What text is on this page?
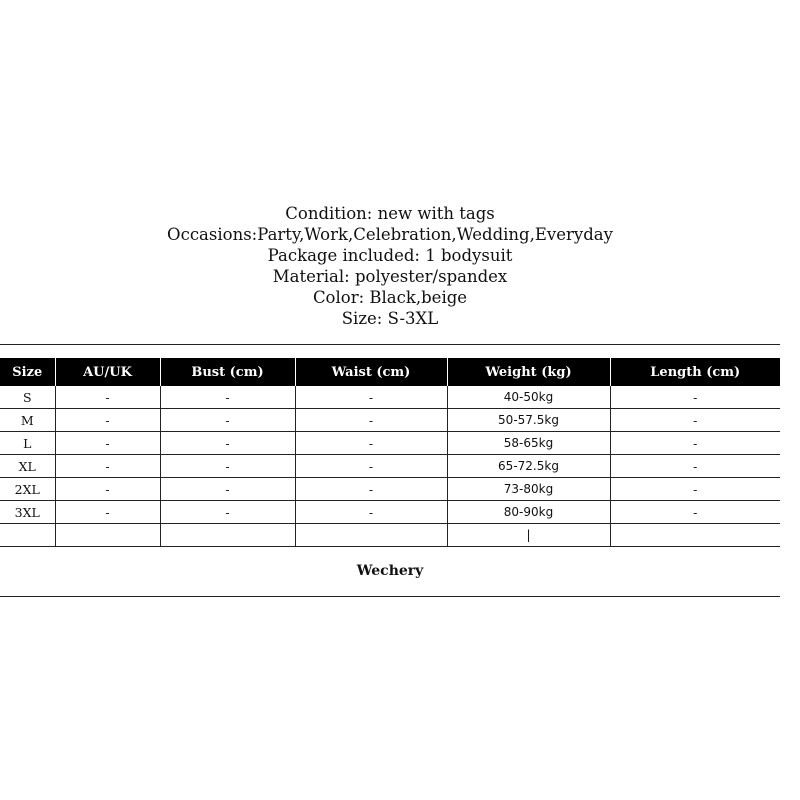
Condition: new with tags
Occasions:Party,Work,Celebration,Wedding,Everyday
Package included: 1 bodysuit
Material: polyester/spandex
Color: Black,beige
Size: S-3XL
Size	AU/UK	Bust (cm)	Waist (cm)	Weight (kg)	Length (cm)
S	-	-	-	40-50kg	-
M	-	-	-	50-57.5kg	-
L	-	-	-	58-65kg	-
XL	-	-	-	65-72.5kg	-
2XL	-	-	-	73-80kg	-
3XL	-	-	-	80-90kg	-
				|	
Wechery
